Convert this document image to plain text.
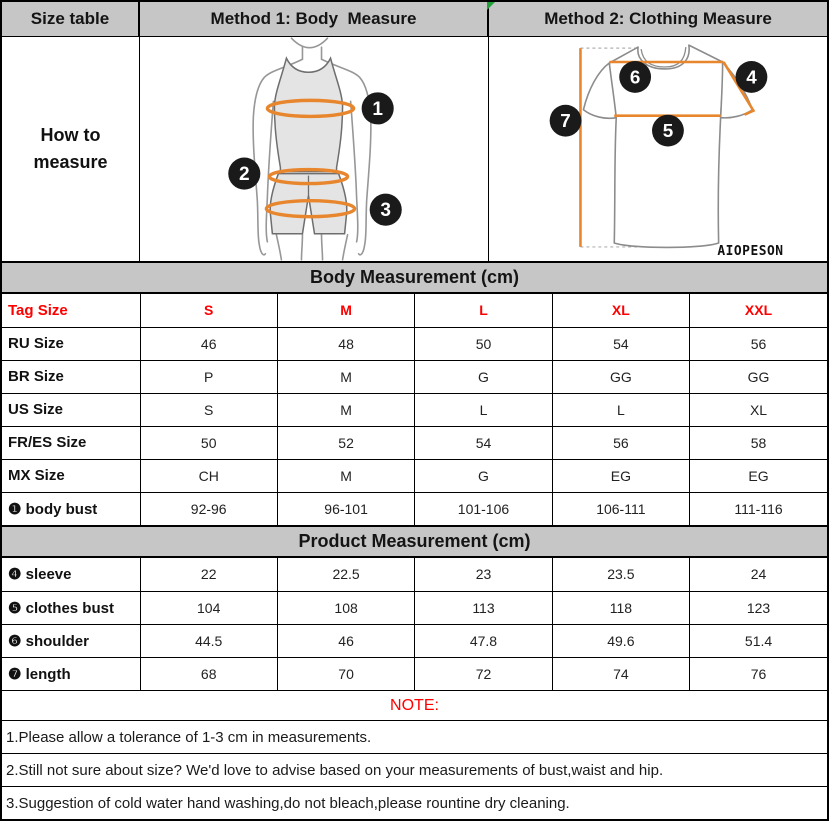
Size table	Method 1: Body  Measure	Method 2: Clothing Measure
How to
measure
1
2
3
6	4
7	5
AIOPESON
Body Measurement (cm)
Tag Size	S	M	L	XL	XXL
RU Size	46	48	50	54	56
BR Size	P	M	G	GG	GG
US Size	S	M	L	L	XL
FR/ES Size	50	52	54	56	58
MX Size	CH	M	G	EG	EG
❶ body bust	92-96	96-101	101-106	106-111	111-116
Product Measurement (cm)
❹ sleeve	22	22.5	23	23.5	24
❺ clothes bust	104	108	113	118	123
❻ shoulder	44.5	46	47.8	49.6	51.4
❼ length	68	70	72	74	76
NOTE:
1.Please allow a tolerance of 1-3 cm in measurements.
2.Still not sure about size? We'd love to advise based on your measurements of bust,waist and hip.
3.Suggestion of cold water hand washing,do not bleach,please rountine dry cleaning.
